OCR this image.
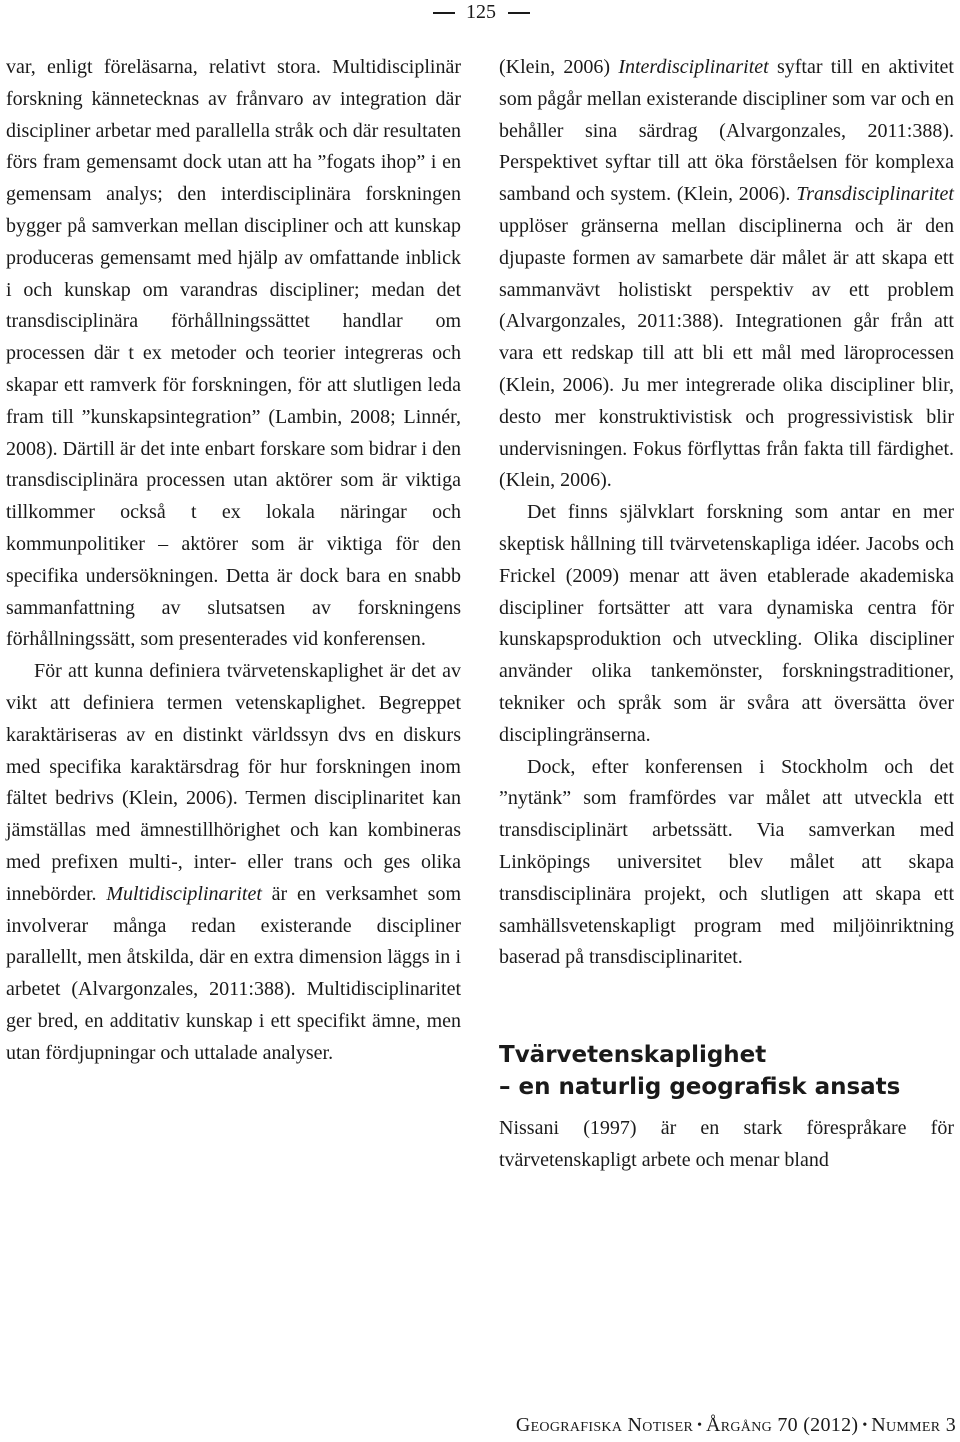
125

var, enligt föreläsarna, relativt stora. Multidisciplinär forskning kännetecknas av frånvaro av integration där discipliner arbetar med parallella stråk och där resultaten förs fram gemensamt dock utan att ha ”fogats ihop” i en gemensam analys; den interdisciplinära forskningen bygger på samverkan mellan discipliner och att kunskap produceras gemensamt med hjälp av omfattande inblick i och kunskap om varandras discipliner; medan det transdisciplinära förhållningssättet handlar om processen där t ex metoder och teorier integreras och skapar ett ramverk för forskningen, för att slutligen leda fram till ”kunskapsintegration” (Lambin, 2008; Linnér, 2008). Därtill är det inte enbart forskare som bidrar i den transdisciplinära processen utan aktörer som är viktiga tillkommer också t ex lokala näringar och kommunpolitiker – aktörer som är viktiga för den specifika undersökningen. Detta är dock bara en snabb sammanfattning av slutsatsen av forskningens förhållningssätt, som presenterades vid konferensen.

För att kunna definiera tvärvetenskaplighet är det av vikt att definiera termen vetenskaplighet. Begreppet karaktäriseras av en distinkt världssyn dvs en diskurs med specifika karaktärsdrag för hur forskningen inom fältet bedrivs (Klein, 2006). Termen disciplinaritet kan jämställas med ämnestillhörighet och kan kombineras med prefixen multi-, inter- eller trans och ges olika innebörder. Multidisciplinaritet är en verksamhet som involverar många redan existerande discipliner parallellt, men åtskilda, där en extra dimension läggs in i arbetet (Alvargonzales, 2011:388). Multidisciplinaritet ger bred, en additativ kunskap i ett specifikt ämne, men utan fördjupningar och uttalade analyser.

(Klein, 2006) Interdisciplinaritet syftar till en aktivitet som pågår mellan existerande discipliner som var och en behåller sina särdrag (Alvargonzales, 2011:388). Perspektivet syftar till att öka förståelsen för komplexa samband och system. (Klein, 2006). Transdisciplinaritet upplöser gränserna mellan disciplinerna och är den djupaste formen av samarbete där målet är att skapa ett sammanvävt holistiskt perspektiv av ett problem (Alvargonzales, 2011:388). Integrationen går från att vara ett redskap till att bli ett mål med läroprocessen (Klein, 2006). Ju mer integrerade olika discipliner blir, desto mer konstruktivistisk och progressivistisk blir undervisningen. Fokus förflyttas från fakta till färdighet. (Klein, 2006).

Det finns självklart forskning som antar en mer skeptisk hållning till tvärvetenskapliga idéer. Jacobs och Frickel (2009) menar att även etablerade akademiska discipliner fortsätter att vara dynamiska centra för kunskapsproduktion och utveckling. Olika discipliner använder olika tankemönster, forskningstraditioner, tekniker och språk som är svåra att översätta över disciplingränserna.

Dock, efter konferensen i Stockholm och det ”nytänk” som framfördes var målet att utveckla ett transdisciplinärt arbetssätt. Via samverkan med Linköpings universitet blev målet att skapa transdisciplinära projekt, och slutligen att skapa ett samhällsvetenskapligt program med miljöinriktning baserad på transdisciplinaritet.

Tvärvetenskaplighet
– en naturlig geografisk ansats

Nissani (1997) är en stark förespråkare för tvärvetenskapligt arbete och menar bland

Geografiska Notiser • Årgång 70 (2012) • Nummer 3
